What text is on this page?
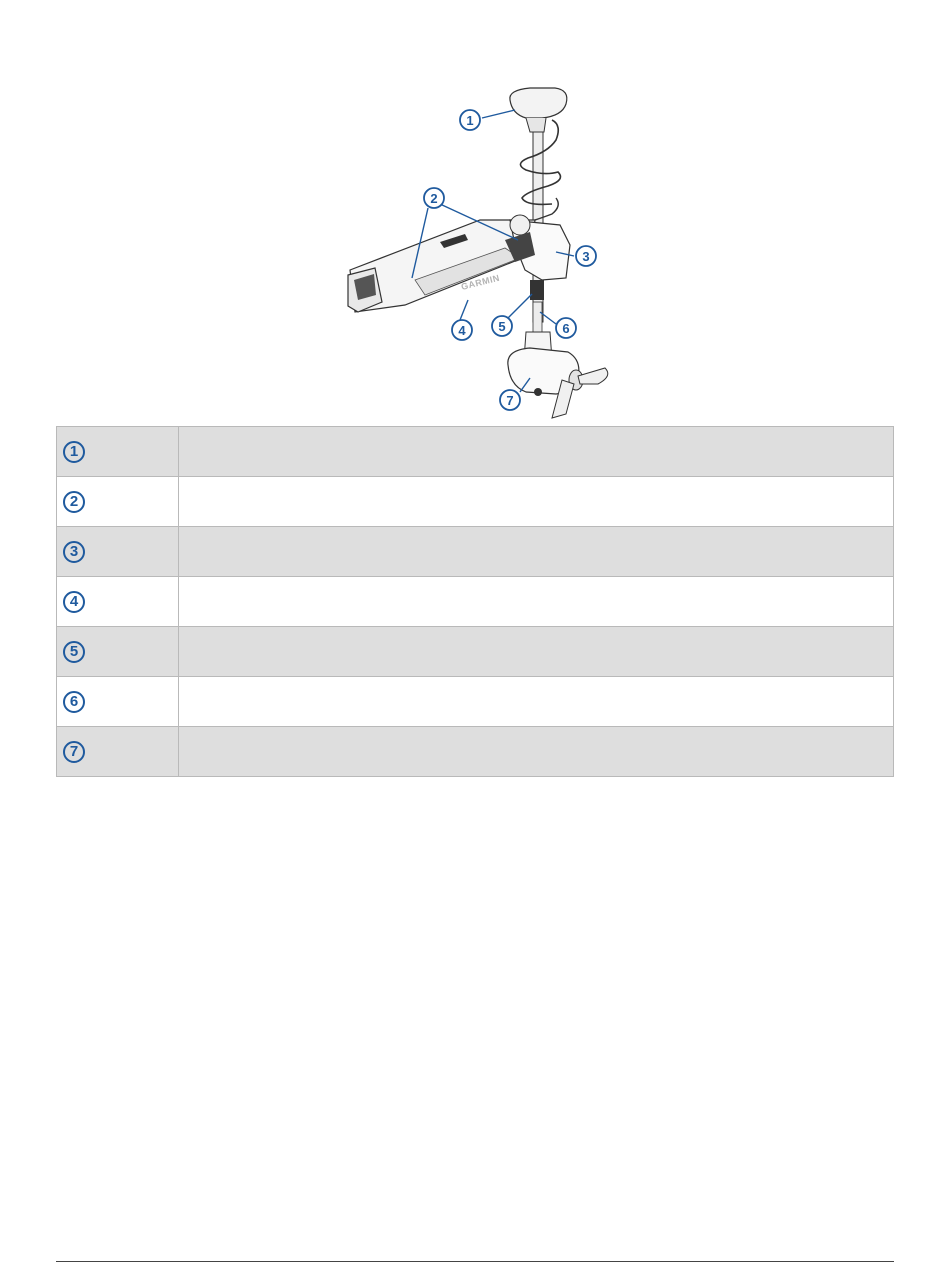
GARMIN
1
2
3
4	5	6
7
1	

2	

3	

4	

5	

6	

7	
